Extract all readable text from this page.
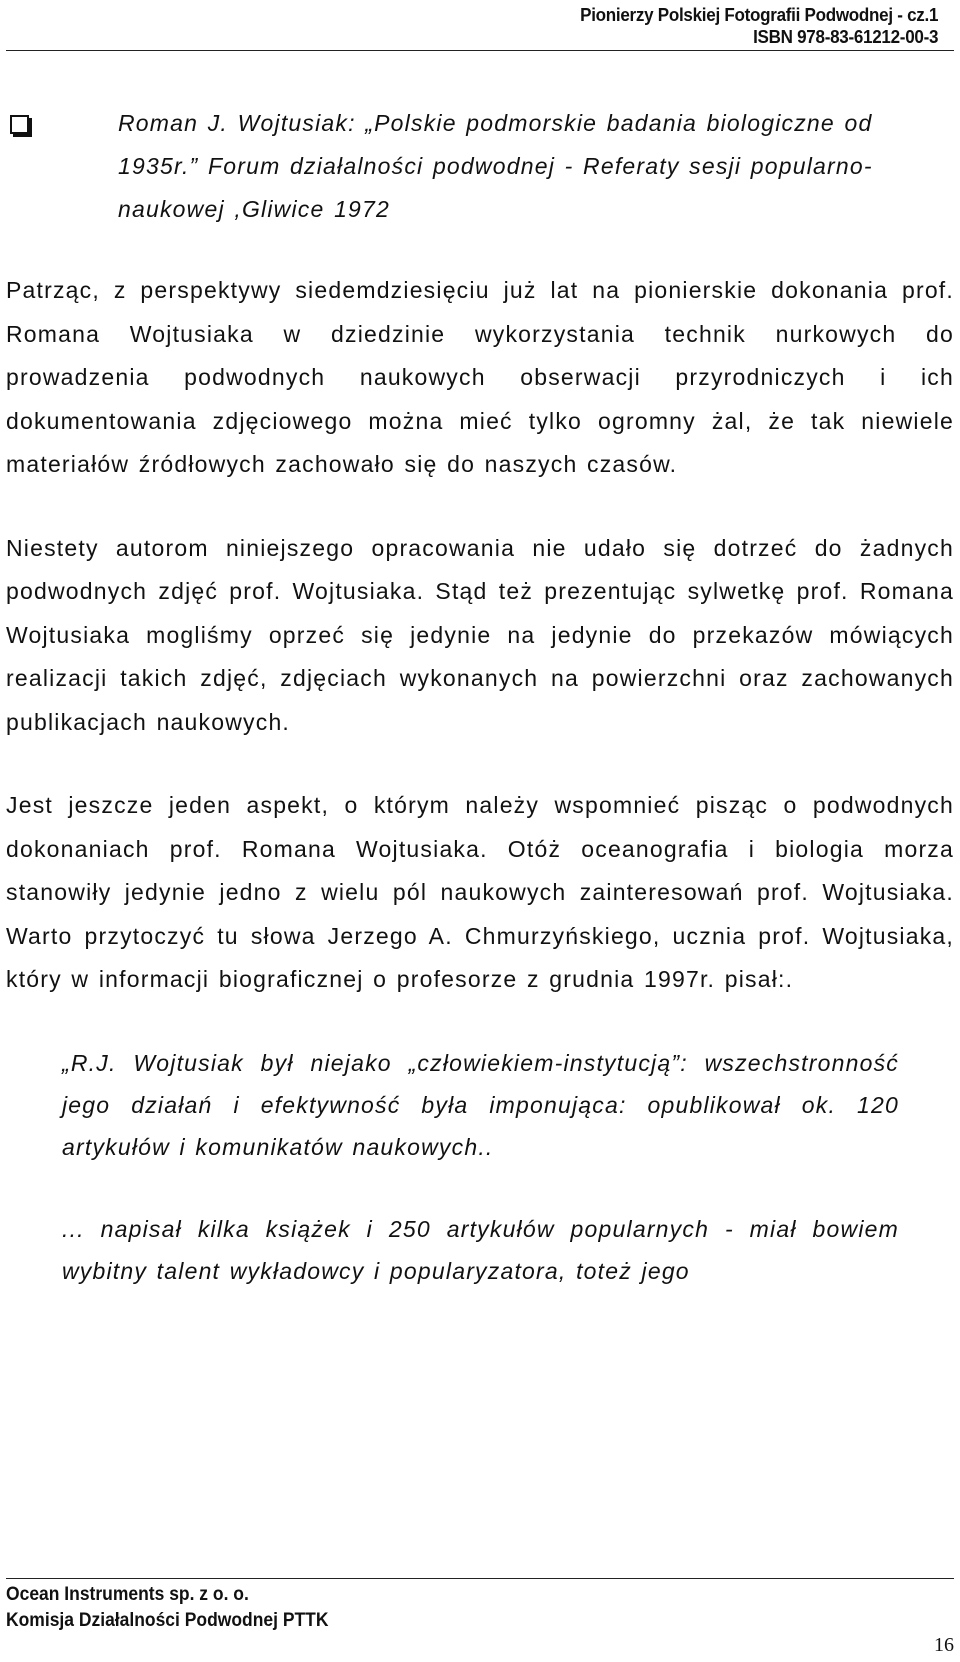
Pionierzy Polskiej Fotografii Podwodnej - cz.1
ISBN 978-83-61212-00-3
Roman J. Wojtusiak: „Polskie podmorskie badania biologiczne od 1935r.” Forum działalności podwodnej - Referaty sesji popularno-naukowej ,Gliwice 1972

Patrząc, z perspektywy siedemdziesięciu już lat na pionierskie dokonania prof. Romana Wojtusiaka w dziedzinie wykorzystania technik nurkowych do prowadzenia podwodnych naukowych obserwacji przyrodniczych i ich dokumentowania zdjęciowego można mieć tylko ogromny żal, że tak niewiele materiałów źródłowych zachowało się do naszych czasów.

Niestety autorom niniejszego opracowania nie udało się dotrzeć do żadnych podwodnych zdjęć prof. Wojtusiaka. Stąd też prezentując sylwetkę prof. Romana Wojtusiaka mogliśmy oprzeć się jedynie na jedynie do przekazów mówiących realizacji takich zdjęć, zdjęciach wykonanych na powierzchni oraz zachowanych publikacjach naukowych.

Jest jeszcze jeden aspekt, o którym należy wspomnieć pisząc o podwodnych dokonaniach prof. Romana Wojtusiaka. Otóż oceanografia i biologia morza stanowiły jedynie jedno z wielu pól naukowych zainteresowań prof. Wojtusiaka. Warto przytoczyć tu słowa Jerzego A. Chmurzyńskiego, ucznia prof. Wojtusiaka, który w informacji biograficznej o profesorze z grudnia 1997r. pisał:.

„R.J. Wojtusiak był niejako „człowiekiem-instytucją”: wszechstronność jego działań i efektywność była imponująca: opublikował ok. 120 artykułów i komunikatów naukowych..

... napisał kilka książek i 250 artykułów popularnych - miał bowiem wybitny talent wykładowcy i popularyzatora, toteż jego

Ocean Instruments sp. z o. o.
Komisja Działalności Podwodnej PTTK
16
